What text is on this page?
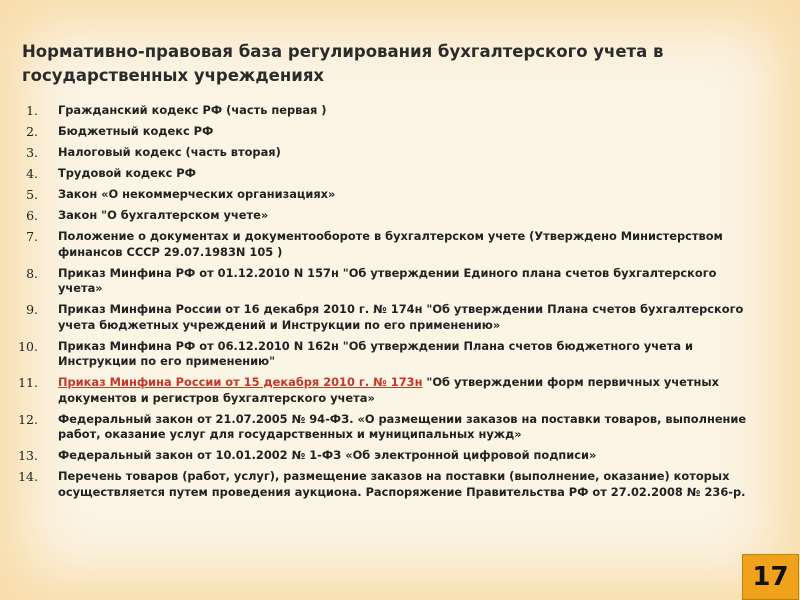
Нормативно-правовая база регулирования бухгалтерского учета в государственных учреждениях
1. Гражданский кодекс РФ (часть первая )
2. Бюджетный кодекс РФ
3. Налоговый кодекс (часть вторая)
4. Трудовой кодекс РФ
5. Закон «О некоммерческих организациях»
6. Закон "О бухгалтерском учете»
7. Положение о документах и документообороте в бухгалтерском учете (Утверждено Министерством финансов СССР 29.07.1983N 105 )
8. Приказ Минфина РФ от 01.12.2010 N 157н "Об утверждении Единого плана счетов бухгалтерского учета»
9. Приказ Минфина России от 16 декабря 2010 г. № 174н "Об утверждении Плана счетов бухгалтерского учета бюджетных учреждений и Инструкции по его применению»
10. Приказ Минфина РФ от 06.12.2010 N 162н "Об утверждении Плана счетов бюджетного учета и Инструкции по его применению"
11. Приказ Минфина России от 15 декабря 2010 г. № 173н "Об утверждении форм первичных учетных документов и регистров бухгалтерского учета»
12. Федеральный закон от 21.07.2005 № 94-ФЗ. «О размещении заказов на поставки товаров, выполнение работ, оказание услуг для государственных и муниципальных нужд»
13. Федеральный закон от 10.01.2002 № 1-ФЗ «Об электронной цифровой подписи»
14. Перечень товаров (работ, услуг), размещение заказов на поставки (выполнение, оказание) которых осуществляется путем проведения аукциона. Распоряжение Правительства РФ от 27.02.2008 № 236-р.
17
